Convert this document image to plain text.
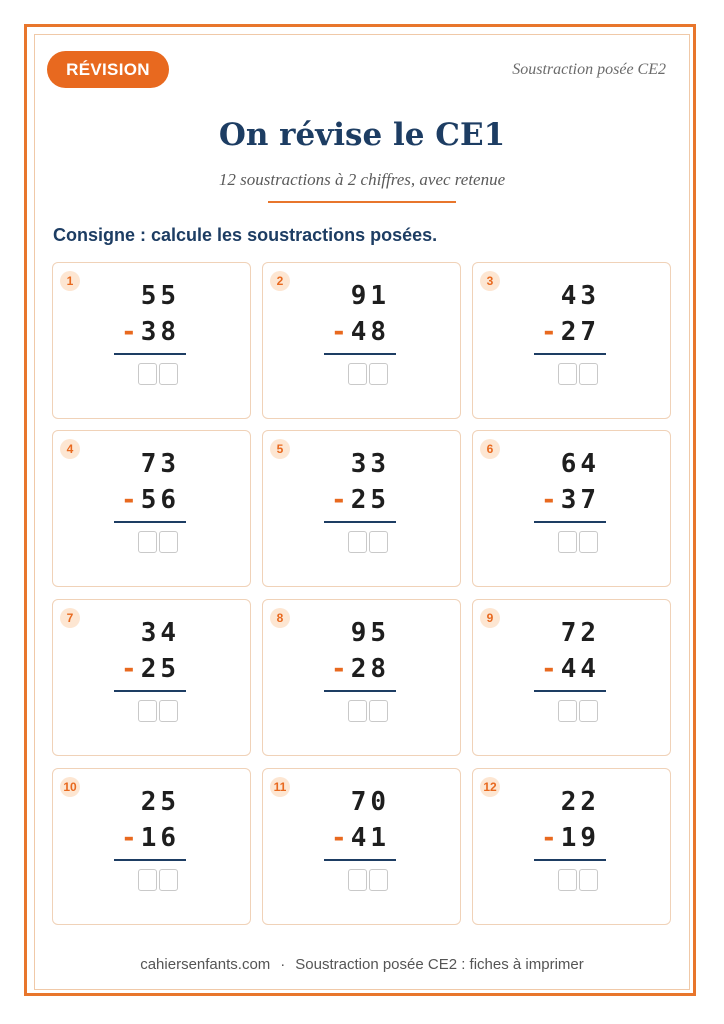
RÉVISION	Soustraction posée CE2
On révise le CE1
12 soustractions à 2 chiffres, avec retenue
Consigne : calcule les soustractions posées.
1	55
-38
2	91
-48
3	43
-27
4	73
-56
5	33
-25
6	64
-37
7	34
-25
8	95
-28
9	72
-44
10 25
-16
11 70
-41
12 22
-19
cahiersenfants.com · Soustraction posée CE2 : fiches à imprimer
